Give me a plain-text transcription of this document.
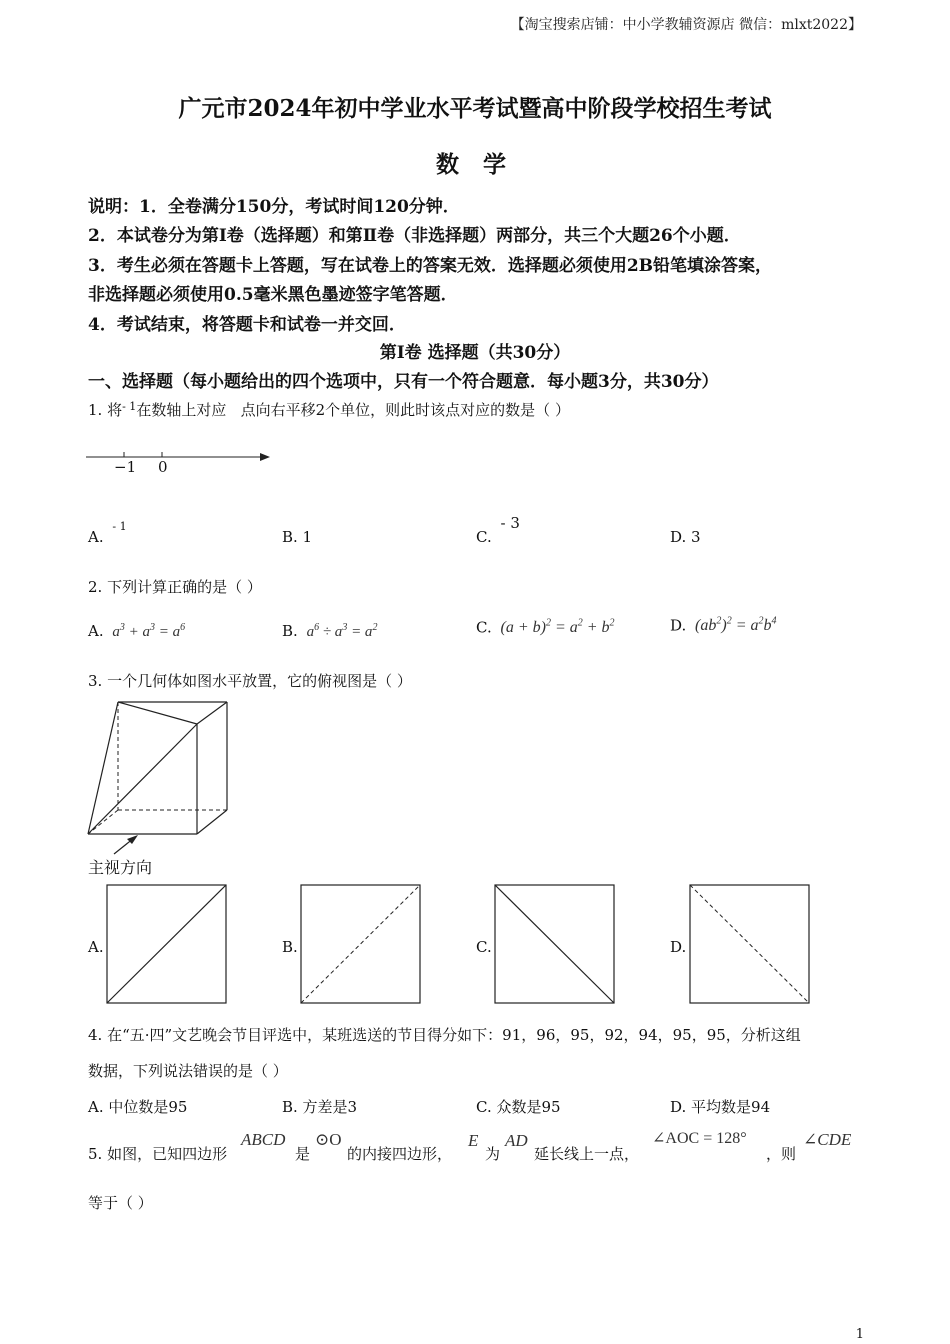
【淘宝搜索店铺：中小学教辅资源店 微信：mlxt2022】
广元市2024年初中学业水平考试暨高中阶段学校招生考试
数 学
说明：1．全卷满分150分，考试时间120分钟．
2．本试卷分为第Ⅰ卷（选择题）和第Ⅱ卷（非选择题）两部分，共三个大题26个小题．
3．考生必须在答题卡上答题，写在试卷上的答案无效．选择题必须使用2B铅笔填涂答案，
非选择题必须使用0.5毫米黑色墨迹签字笔答题．
4．考试结束，将答题卡和试卷一并交回．
第Ⅰ卷 选择题（共30分）
一、选择题（每小题给出的四个选项中，只有一个符合题意．每小题3分，共30分）
1. 将$^{- 1}$在数轴上对应 点向右平移2个单位，则此时该点对应的数是（ ）
−1 0
A. $^{- 1}$
B. 1	C. - 3
D. 3
2. 下列计算正确的是（ ）
A. $a^3 + a^3 = a^6$	B. $a^6 \div a^3 = a^2$	C. $(a + b)^2 = a^2 + b^2$	D. $(ab^2)^2 = a^2b^4$
3. 一个几何体如图水平放置，它的俯视图是（ ）
主视方向
A.	B.	C.	D.
4. 在“五·四”文艺晚会节目评选中，某班选送的节目得分如下：91，96，95，92，94，95，95，分析这组
数据，下列说法错误的是（ ）
A. 中位数是95	B. 方差是3	C. 众数是95	D. 平均数是94
5. 如图，已知四边形
ABCD
是
⊙O
的内接四边形，
E
为
AD
延长线上一点，
∠AOC = 128°
，则
∠CDE
等于（ ）
1
